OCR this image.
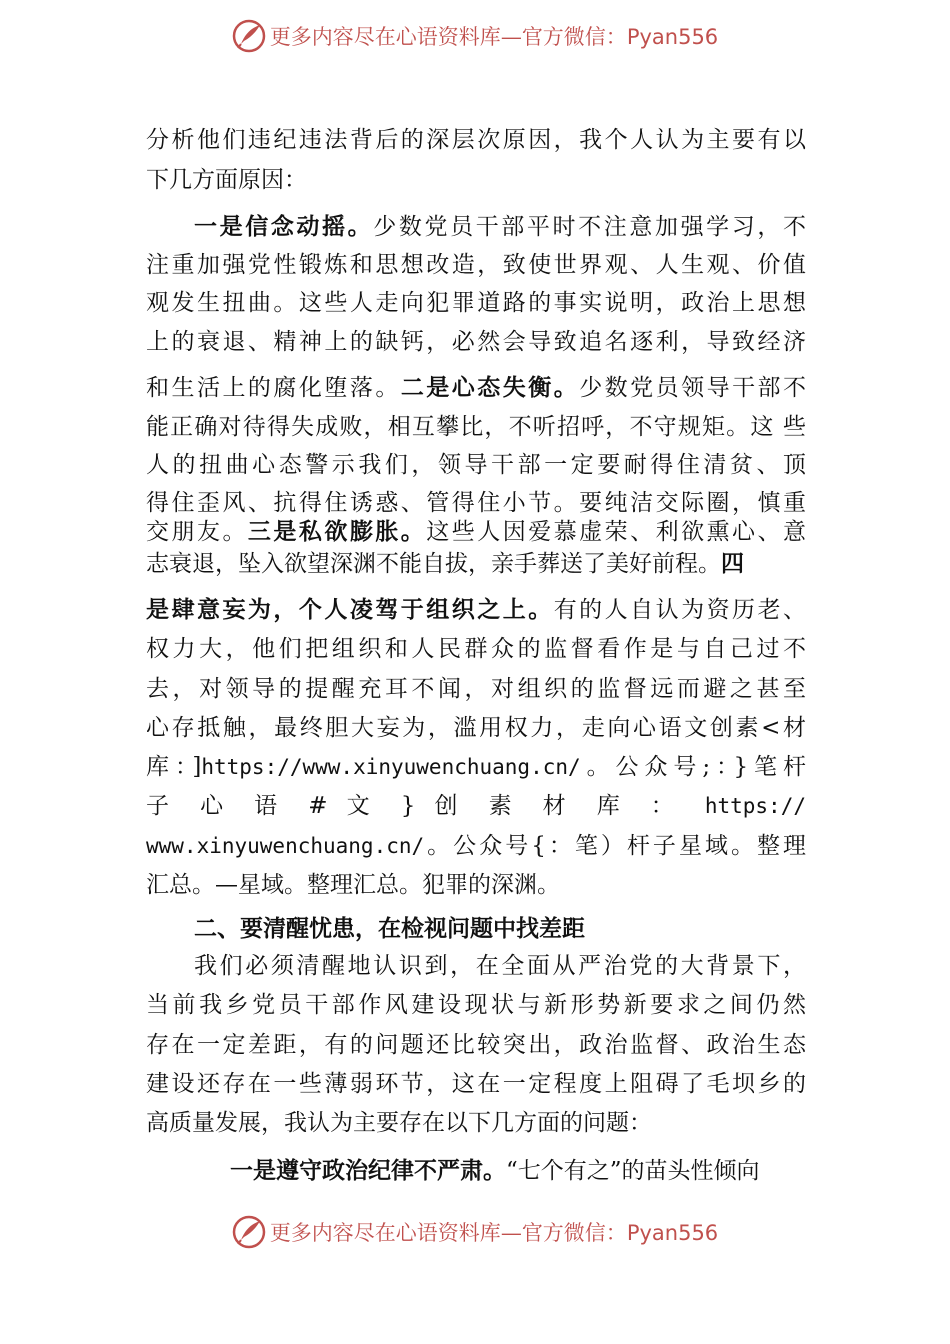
更多内容尽在心语资料库—官方微信：Pyan556
分析他们违纪违法背后的深层次原因，我个人认为主要有以
下几方面原因：
一是信念动摇。少数党员干部平时不注意加强学习，不
注重加强党性锻炼和思想改造，致使世界观、人生观、价值
观发生扭曲。这些人走向犯罪道路的事实说明，政治上思想
上的衰退、精神上的缺钙，必然会导致追名逐利，导致经济
和生活上的腐化堕落。二是心态失衡。少数党员领导干部不
能正确对待得失成败，相互攀比，不听招呼，不守规矩。这 些
人的扭曲心态警示我们，领导干部一定要耐得住清贫、顶
得住歪风、抗得住诱惑、管得住小节。要纯洁交际圈，慎重
交朋友。三是私欲膨胀。这些人因爱慕虚荣、利欲熏心、意
志衰退，坠入欲望深渊不能自拔，亲手葬送了美好前程。四
是肆意妄为，个人凌驾于组织之上。有的人自认为资历老、
权力大，他们把组织和人民群众的监督看作是与自己过不
去，对领导的提醒充耳不闻，对组织的监督远而避之甚至
心存抵触，最终胆大妄为，滥用权力，走向心语文创素<材
库：]https://www.xinyuwenchuang.cn/。公众号;：}笔杆
子 心 语 # 文 } 创 素 材 库 ： https://
www.xinyuwenchuang.cn/。公众号{：笔）杆子星域。整理
汇总。—星域。整理汇总。犯罪的深渊。
二、要清醒忧患，在检视问题中找差距
我们必须清醒地认识到，在全面从严治党的大背景下，
当前我乡党员干部作风建设现状与新形势新要求之间仍然
存在一定差距，有的问题还比较突出，政治监督、政治生态
建设还存在一些薄弱环节，这在一定程度上阻碍了毛坝乡的
高质量发展，我认为主要存在以下几方面的问题：
一是遵守政治纪律不严肃。“七个有之”的苗头性倾向
更多内容尽在心语资料库—官方微信：Pyan556
